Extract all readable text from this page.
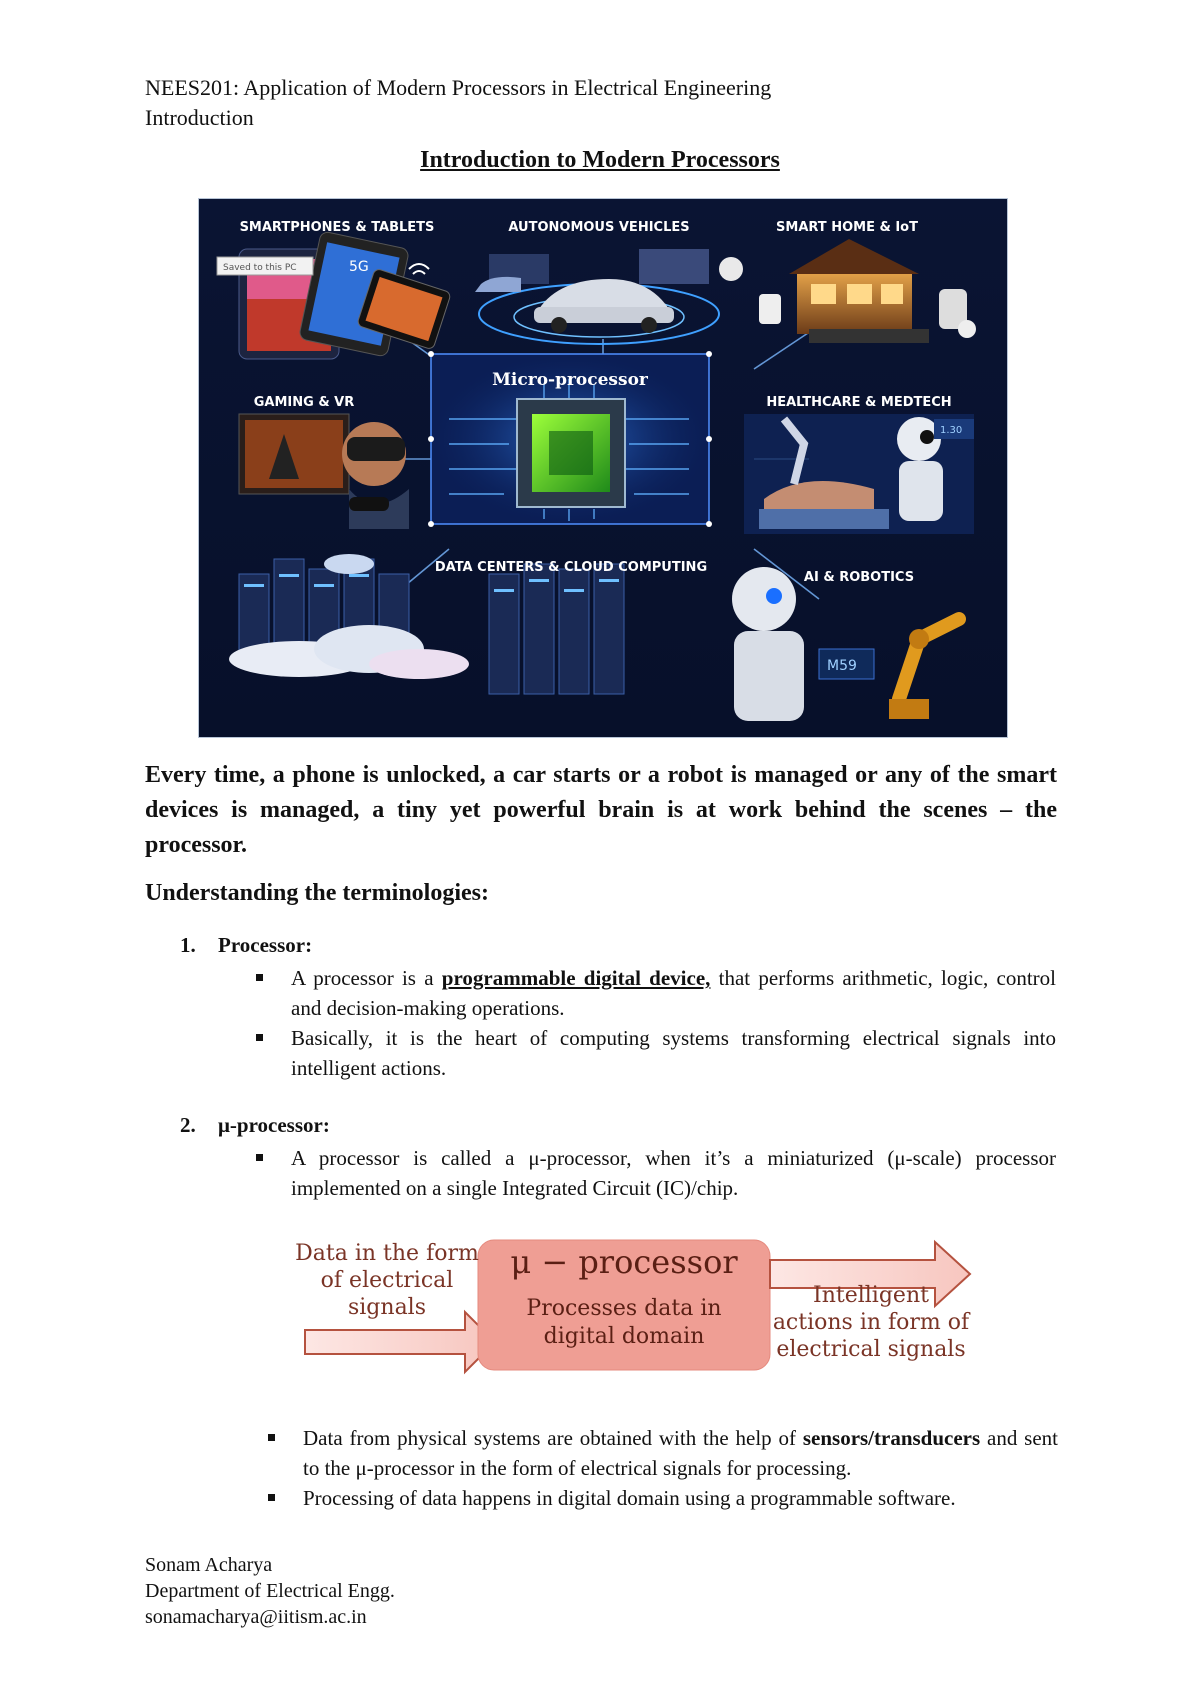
NEES201: Application of Modern Processors in Electrical Engineering
Introduction
Introduction to Modern Processors
5G
Saved to this PC
Micro-processor
1.30
M59
SMARTPHONES & TABLETS	AUTONOMOUS VEHICLES	SMART HOME & IoT
GAMING & VR	HEALTHCARE & MEDTECH
DATA CENTERS & CLOUD COMPUTING
AI & ROBOTICS
Every time, a phone is unlocked, a car starts or a robot is managed or any of the smart devices is managed, a tiny yet powerful brain is at work behind the scenes – the processor.
Understanding the terminologies:
1. Processor:
A processor is a programmable digital device, that performs arithmetic, logic, control and decision-making operations.
Basically, it is the heart of computing systems transforming electrical signals into intelligent actions.
2. μ-processor:
A processor is called a μ-processor, when it’s a miniaturized (μ-scale) processor implemented on a single Integrated Circuit (IC)/chip.
Data in the form
of electrical
signals	Intelligent
actions in form of
electrical signals
μ − processor
Processes data in
digital domain
Data from physical systems are obtained with the help of sensors/transducers and sent to the μ-processor in the form of electrical signals for processing.
Processing of data happens in digital domain using a programmable software.
Sonam Acharya
Department of Electrical Engg.
sonamacharya@iitism.ac.in
